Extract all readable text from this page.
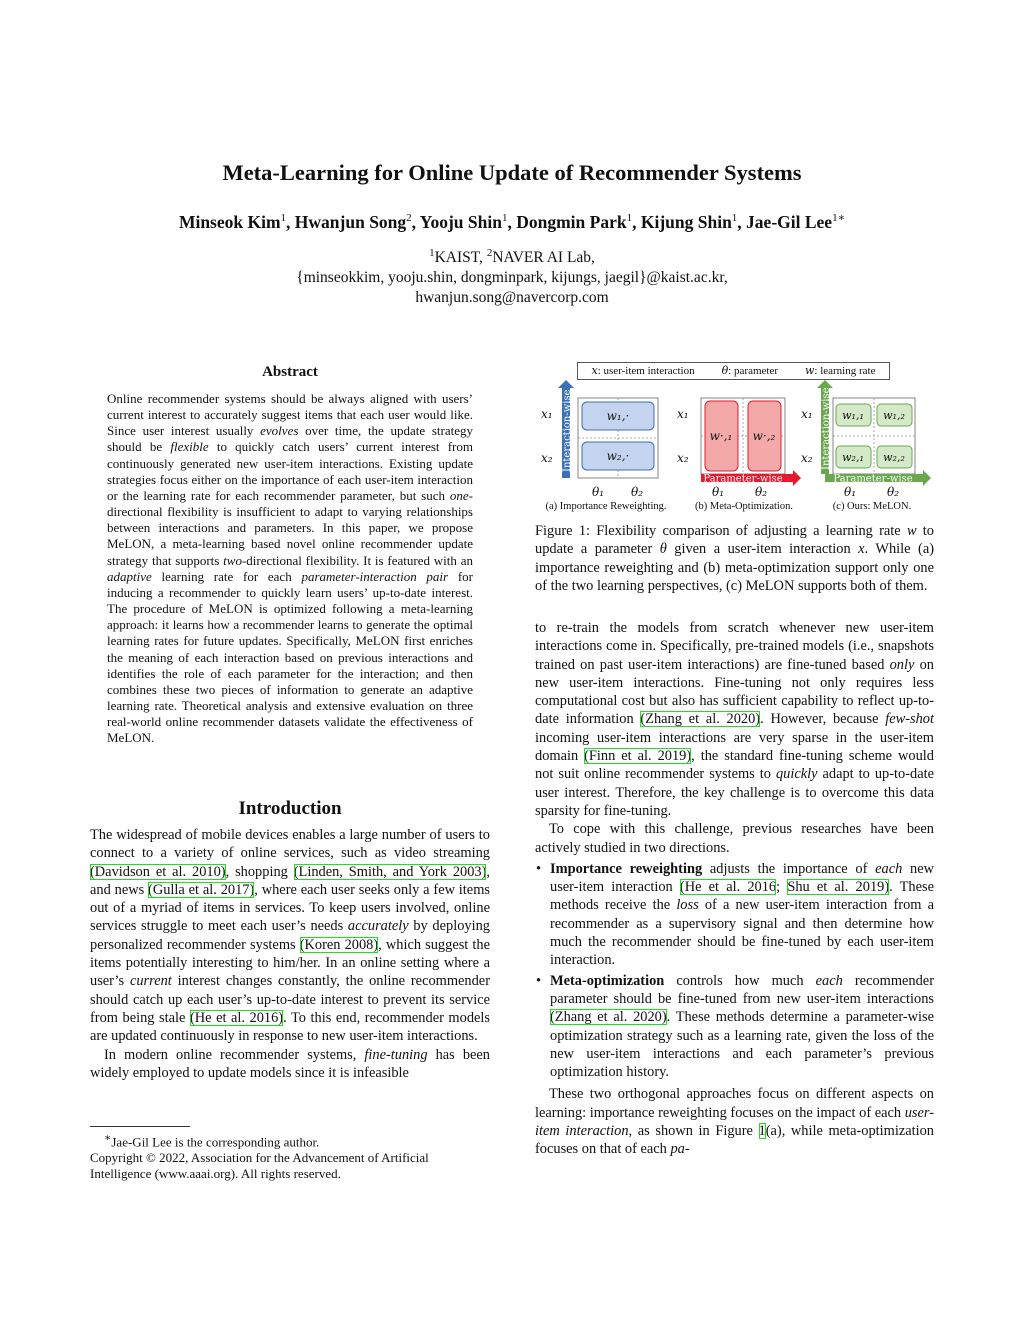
Meta-Learning for Online Update of Recommender Systems
Minseok Kim$^1$, Hwanjun Song$^2$, Yooju Shin$^1$, Dongmin Park$^1$, Kijung Shin$^1$, Jae-Gil Lee$^{1∗}$
$^1$KAIST, $^2$NAVER AI Lab,
{minseokkim, yooju.shin, dongminpark, kijungs, jaegil}@kaist.ac.kr,
hwanjun.song@navercorp.com
Abstract
Online recommender systems should be always aligned with users’ current interest to accurately suggest items that each user would like. Since user interest usually evolves over time, the update strategy should be flexible to quickly catch users’ current interest from continuously generated new user-item interactions. Existing update strategies focus either on the importance of each user-item interaction or the learning rate for each recommender parameter, but such one-directional flexibility is insufficient to adapt to varying relationships between interactions and parameters. In this paper, we propose MeLON, a meta-learning based novel online recommender update strategy that supports two-directional flexibility. It is featured with an adaptive learning rate for each parameter-interaction pair for inducing a recommender to quickly learn users’ up-to-date interest. The procedure of MeLON is optimized following a meta-learning approach: it learns how a recommender learns to generate the optimal learning rates for future updates. Specifically, MeLON first enriches the meaning of each interaction based on previous interactions and identifies the role of each parameter for the interaction; and then combines these two pieces of information to generate an adaptive learning rate. Theoretical analysis and extensive evaluation on three real-world online recommender datasets validate the effectiveness of MeLON.
Introduction

The widespread of mobile devices enables a large number of users to connect to a variety of online services, such as video streaming (Davidson et al. 2010), shopping (Linden, Smith, and York 2003), and news (Gulla et al. 2017), where each user seeks only a few items out of a myriad of items in services. To keep users involved, online services struggle to meet each user’s needs accurately by deploying personalized recommender systems (Koren 2008), which suggest the items potentially interesting to him/her. In an online setting where a user’s current interest changes constantly, the online recommender should catch up each user’s up-to-date interest to prevent its service from being stale (He et al. 2016). To this end, recommender models are updated continuously in response to new user-item interactions.

In modern online recommender systems, fine-tuning has been widely employed to update models since it is infeasible

∗Jae-Gil Lee is the corresponding author.
Copyright © 2022, Association for the Advancement of Artificial Intelligence (www.aaai.org). All rights reserved.
x: user-item interaction θ: parameter w: learning rate
x₁
x₂ Interaction-wise	w₁,·
w₂,·
θ₁ θ₂
x₁
x₂
w·,₁ w·,₂
Parameter-wise
θ₁	θ₂
x₁
x₂ Interaction-wise w₁,₁ w₁,₂
w₂,₁ w₂,₂
Parameter-wise
θ₁	θ₂
(a) Importance Reweighting.	(b) Meta-Optimization.	(c) Ours: MeLON.
Figure 1: Flexibility comparison of adjusting a learning rate w to update a parameter θ given a user-item interaction x. While (a) importance reweighting and (b) meta-optimization support only one of the two learning perspectives, (c) MeLON supports both of them.

to re-train the models from scratch whenever new user-item interactions come in. Specifically, pre-trained models (i.e., snapshots trained on past user-item interactions) are fine-tuned based only on new user-item interactions. Fine-tuning not only requires less computational cost but also has sufficient capability to reflect up-to-date information (Zhang et al. 2020). However, because few-shot incoming user-item interactions are very sparse in the user-item domain (Finn et al. 2019), the standard fine-tuning scheme would not suit online recommender systems to quickly adapt to up-to-date user interest. Therefore, the key challenge is to overcome this data sparsity for fine-tuning.

To cope with this challenge, previous researches have been actively studied in two directions.

• Importance reweighting adjusts the importance of each new user-item interaction (He et al. 2016; Shu et al. 2019). These methods receive the loss of a new user-item interaction from a recommender as a supervisory signal and then determine how much the recommender should be fine-tuned by each user-item interaction.
• Meta-optimization controls how much each recommender parameter should be fine-tuned from new user-item interactions (Zhang et al. 2020). These methods determine a parameter-wise optimization strategy such as a learning rate, given the loss of the new user-item interactions and each parameter’s previous optimization history.

These two orthogonal approaches focus on different aspects on learning: importance reweighting focuses on the impact of each user-item interaction, as shown in Figure 1(a), while meta-optimization focuses on that of each pa-
